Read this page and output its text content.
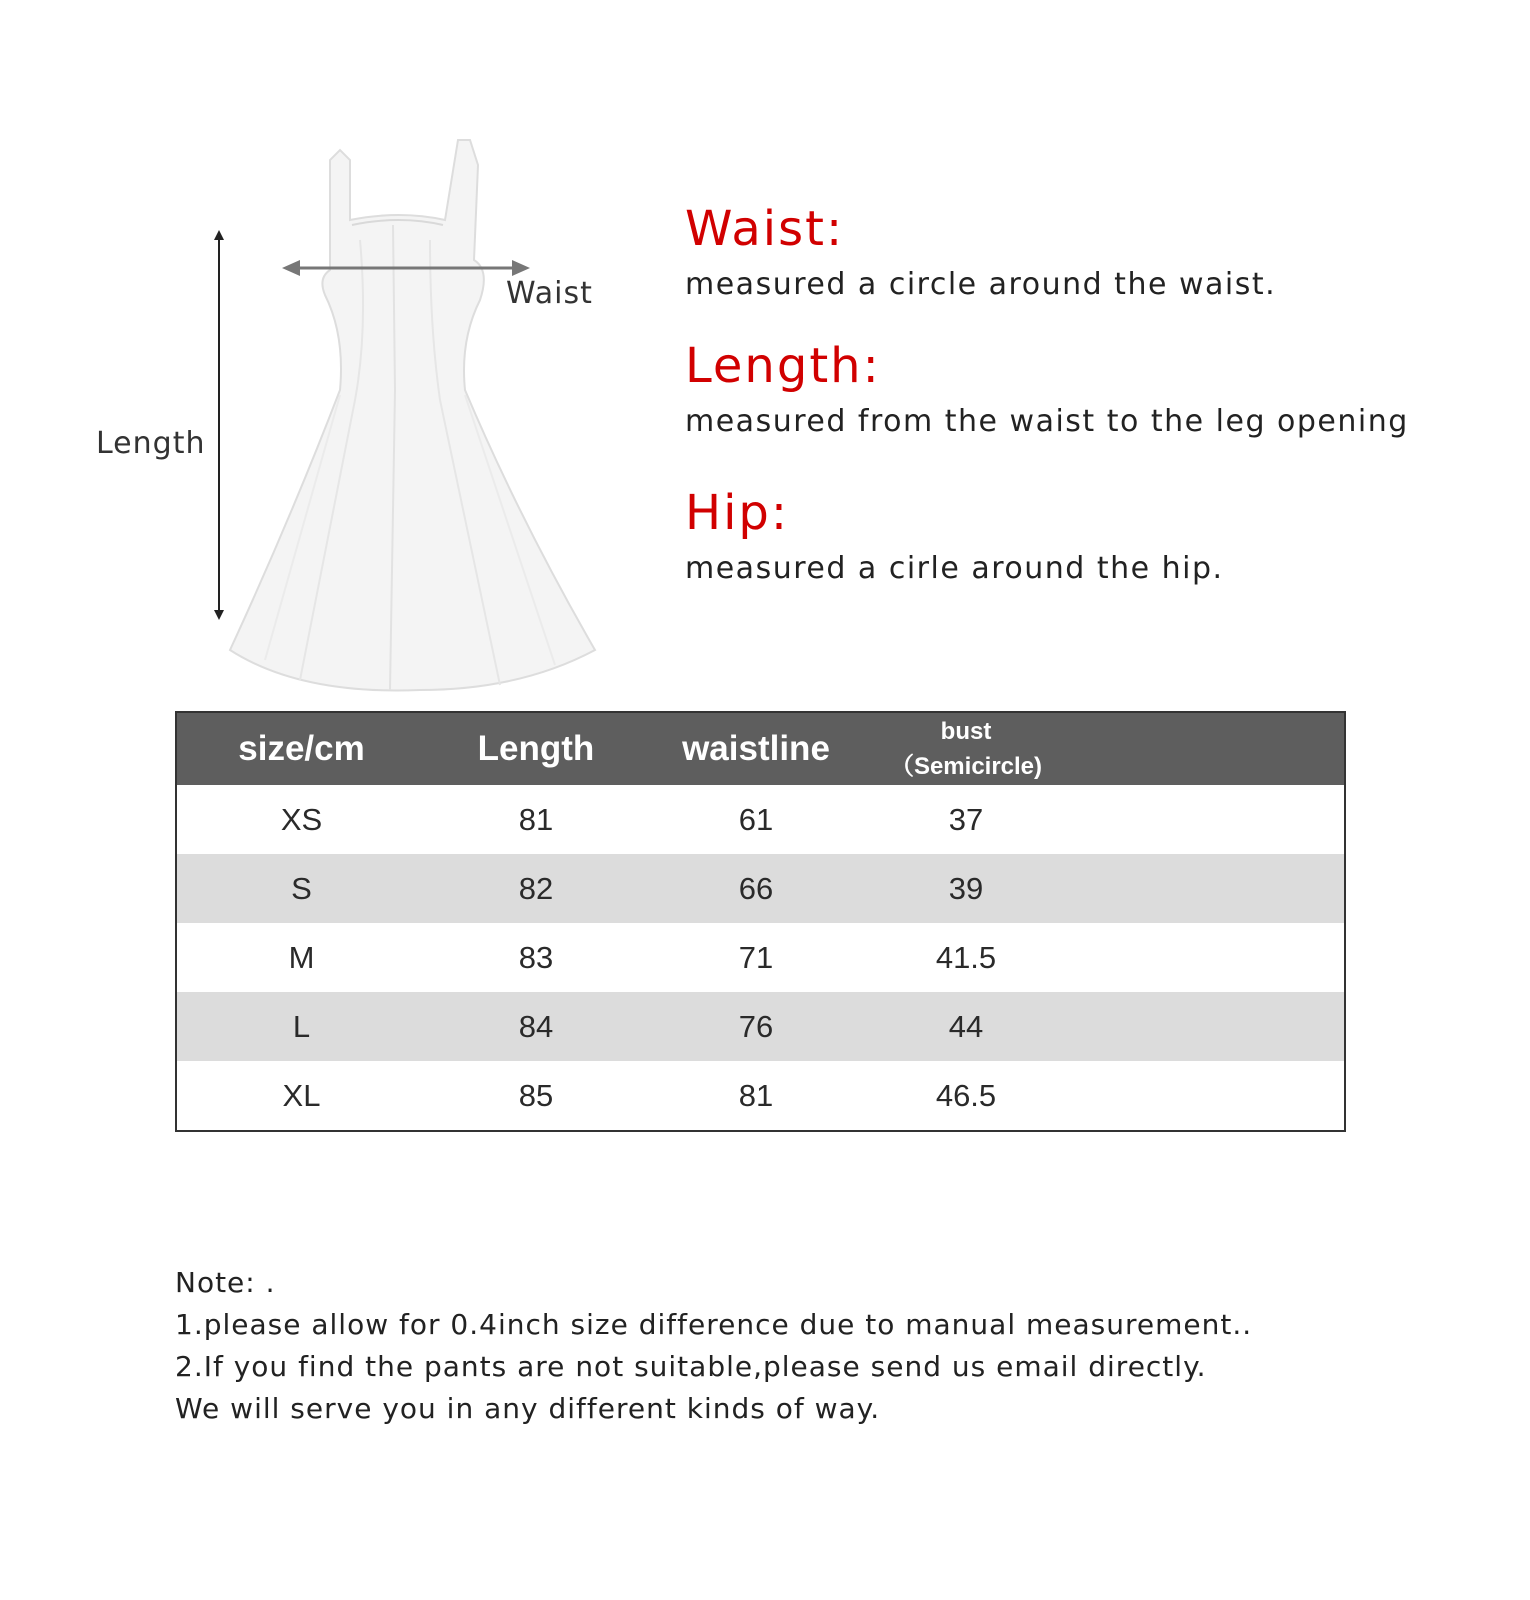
Waist
Length
Waist:
measured a circle around the waist.
Length:
measured from the waist to the leg opening
Hip:
measured a cirle around the hip.
size/cm	Length	waistline	bust（Semicircle)	
XS	81	61	37	
S	82	66	39	
M	83	71	41.5	
L	84	76	44	
XL	85	81	46.5	
Note: .
1.please allow for 0.4inch size difference due to manual measurement..
2.If you find the pants are not suitable,please send us email directly.
We will serve you in any different kinds of way.
